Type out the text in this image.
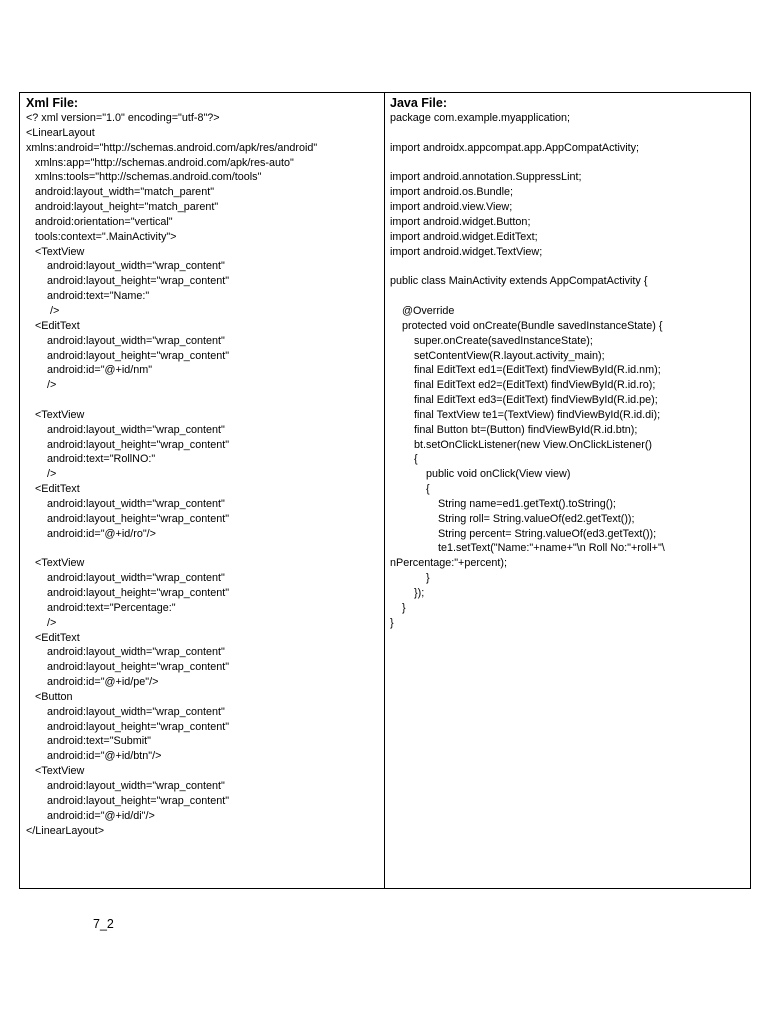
Xml File:

<? xml version="1.0" encoding="utf-8"?>
<LinearLayout
xmlns:android="http://schemas.android.com/apk/res/android"
xmlns:app="http://schemas.android.com/apk/res-auto"
xmlns:tools="http://schemas.android.com/tools"
android:layout_width="match_parent"
android:layout_height="match_parent"
android:orientation="vertical"
tools:context=".MainActivity">
<TextView
android:layout_width="wrap_content"
android:layout_height="wrap_content"
android:text="Name:"
/>
<EditText
android:layout_width="wrap_content"
android:layout_height="wrap_content"
android:id="@+id/nm"
/>
<TextView
android:layout_width="wrap_content"
android:layout_height="wrap_content"
android:text="RollNO:"
/>
<EditText
android:layout_width="wrap_content"
android:layout_height="wrap_content"
android:id="@+id/ro"/>
<TextView
android:layout_width="wrap_content"
android:layout_height="wrap_content"
android:text="Percentage:"
/>
<EditText
android:layout_width="wrap_content"
android:layout_height="wrap_content"
android:id="@+id/pe"/>
<Button
android:layout_width="wrap_content"
android:layout_height="wrap_content"
android:text="Submit"
android:id="@+id/btn"/>
<TextView
android:layout_width="wrap_content"
android:layout_height="wrap_content"
android:id="@+id/di"/>
</LinearLayout>

Java File:

package com.example.myapplication;
import androidx.appcompat.app.AppCompatActivity;
import android.annotation.SuppressLint;
import android.os.Bundle;
import android.view.View;
import android.widget.Button;
import android.widget.EditText;
import android.widget.TextView;
public class MainActivity extends AppCompatActivity {
@Override
protected void onCreate(Bundle savedInstanceState) {
super.onCreate(savedInstanceState);
setContentView(R.layout.activity_main);
final EditText ed1=(EditText) findViewById(R.id.nm);
final EditText ed2=(EditText) findViewById(R.id.ro);
final EditText ed3=(EditText) findViewById(R.id.pe);
final TextView te1=(TextView) findViewById(R.id.di);
final Button bt=(Button) findViewById(R.id.btn);
bt.setOnClickListener(new View.OnClickListener()
{
public void onClick(View view)
{
String name=ed1.getText().toString();
String roll= String.valueOf(ed2.getText());
String percent= String.valueOf(ed3.getText());
te1.setText("Name:"+name+"\n Roll No:"+roll+"\
nPercentage:"+percent);
}
});
}
}
7_2
